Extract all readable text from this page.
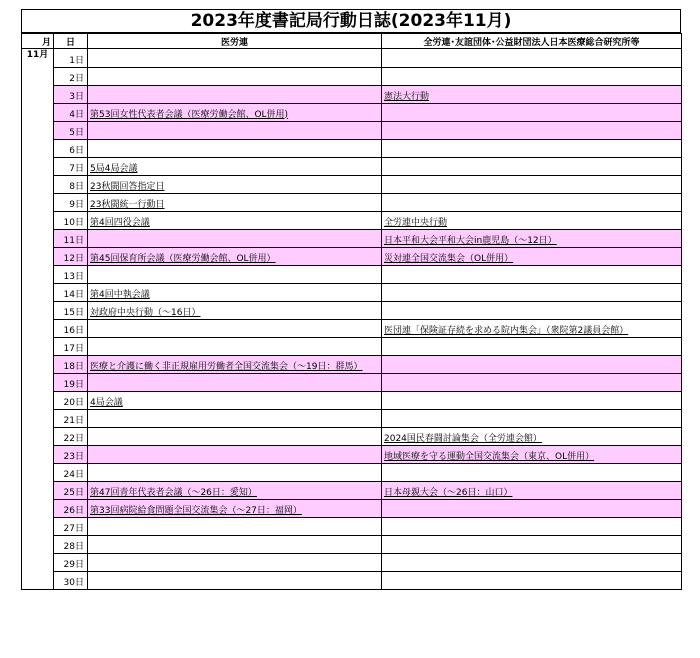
2023年度書記局行動日誌(2023年11月)
月	日	医労連	全労連･友誼団体･公益財団法人日本医療総合研究所等
11月	1日		
	2日		
	3日		憲法大行動
	4日	第53回女性代表者会議（医療労働会館、OL併用)	
	5日		
	6日		
	7日	5局4局会議	
	8日	23秋闘回答指定日	
	9日	23秋闘統一行動日	
	10日	第4回四役会議	全労連中央行動
	11日		日本平和大会平和大会in鹿児島（～12日）
	12日	第45回保育所会議（医療労働会館、OL併用）	災対連全国交流集会（OL併用）
	13日		
	14日	第4回中執会議	
	15日	対政府中央行動（～16日）	
	16日		医団連「保険証存続を求める院内集会」（衆院第2議員会館）
	17日		
	18日	医療と介護に働く非正規雇用労働者全国交流集会（～19日：群馬）	
	19日		
	20日	4局会議	
	21日		
	22日		2024国民春闘討論集会（全労連会館）
	23日		地域医療を守る運動全国交流集会（東京、OL併用）
	24日		
	25日	第47回青年代表者会議（～26日：愛知）	日本母親大会（～26日：山口）
	26日	第33回病院給食問題全国交流集会（～27日：福岡）	
	27日		
	28日		
	29日		
	30日		
